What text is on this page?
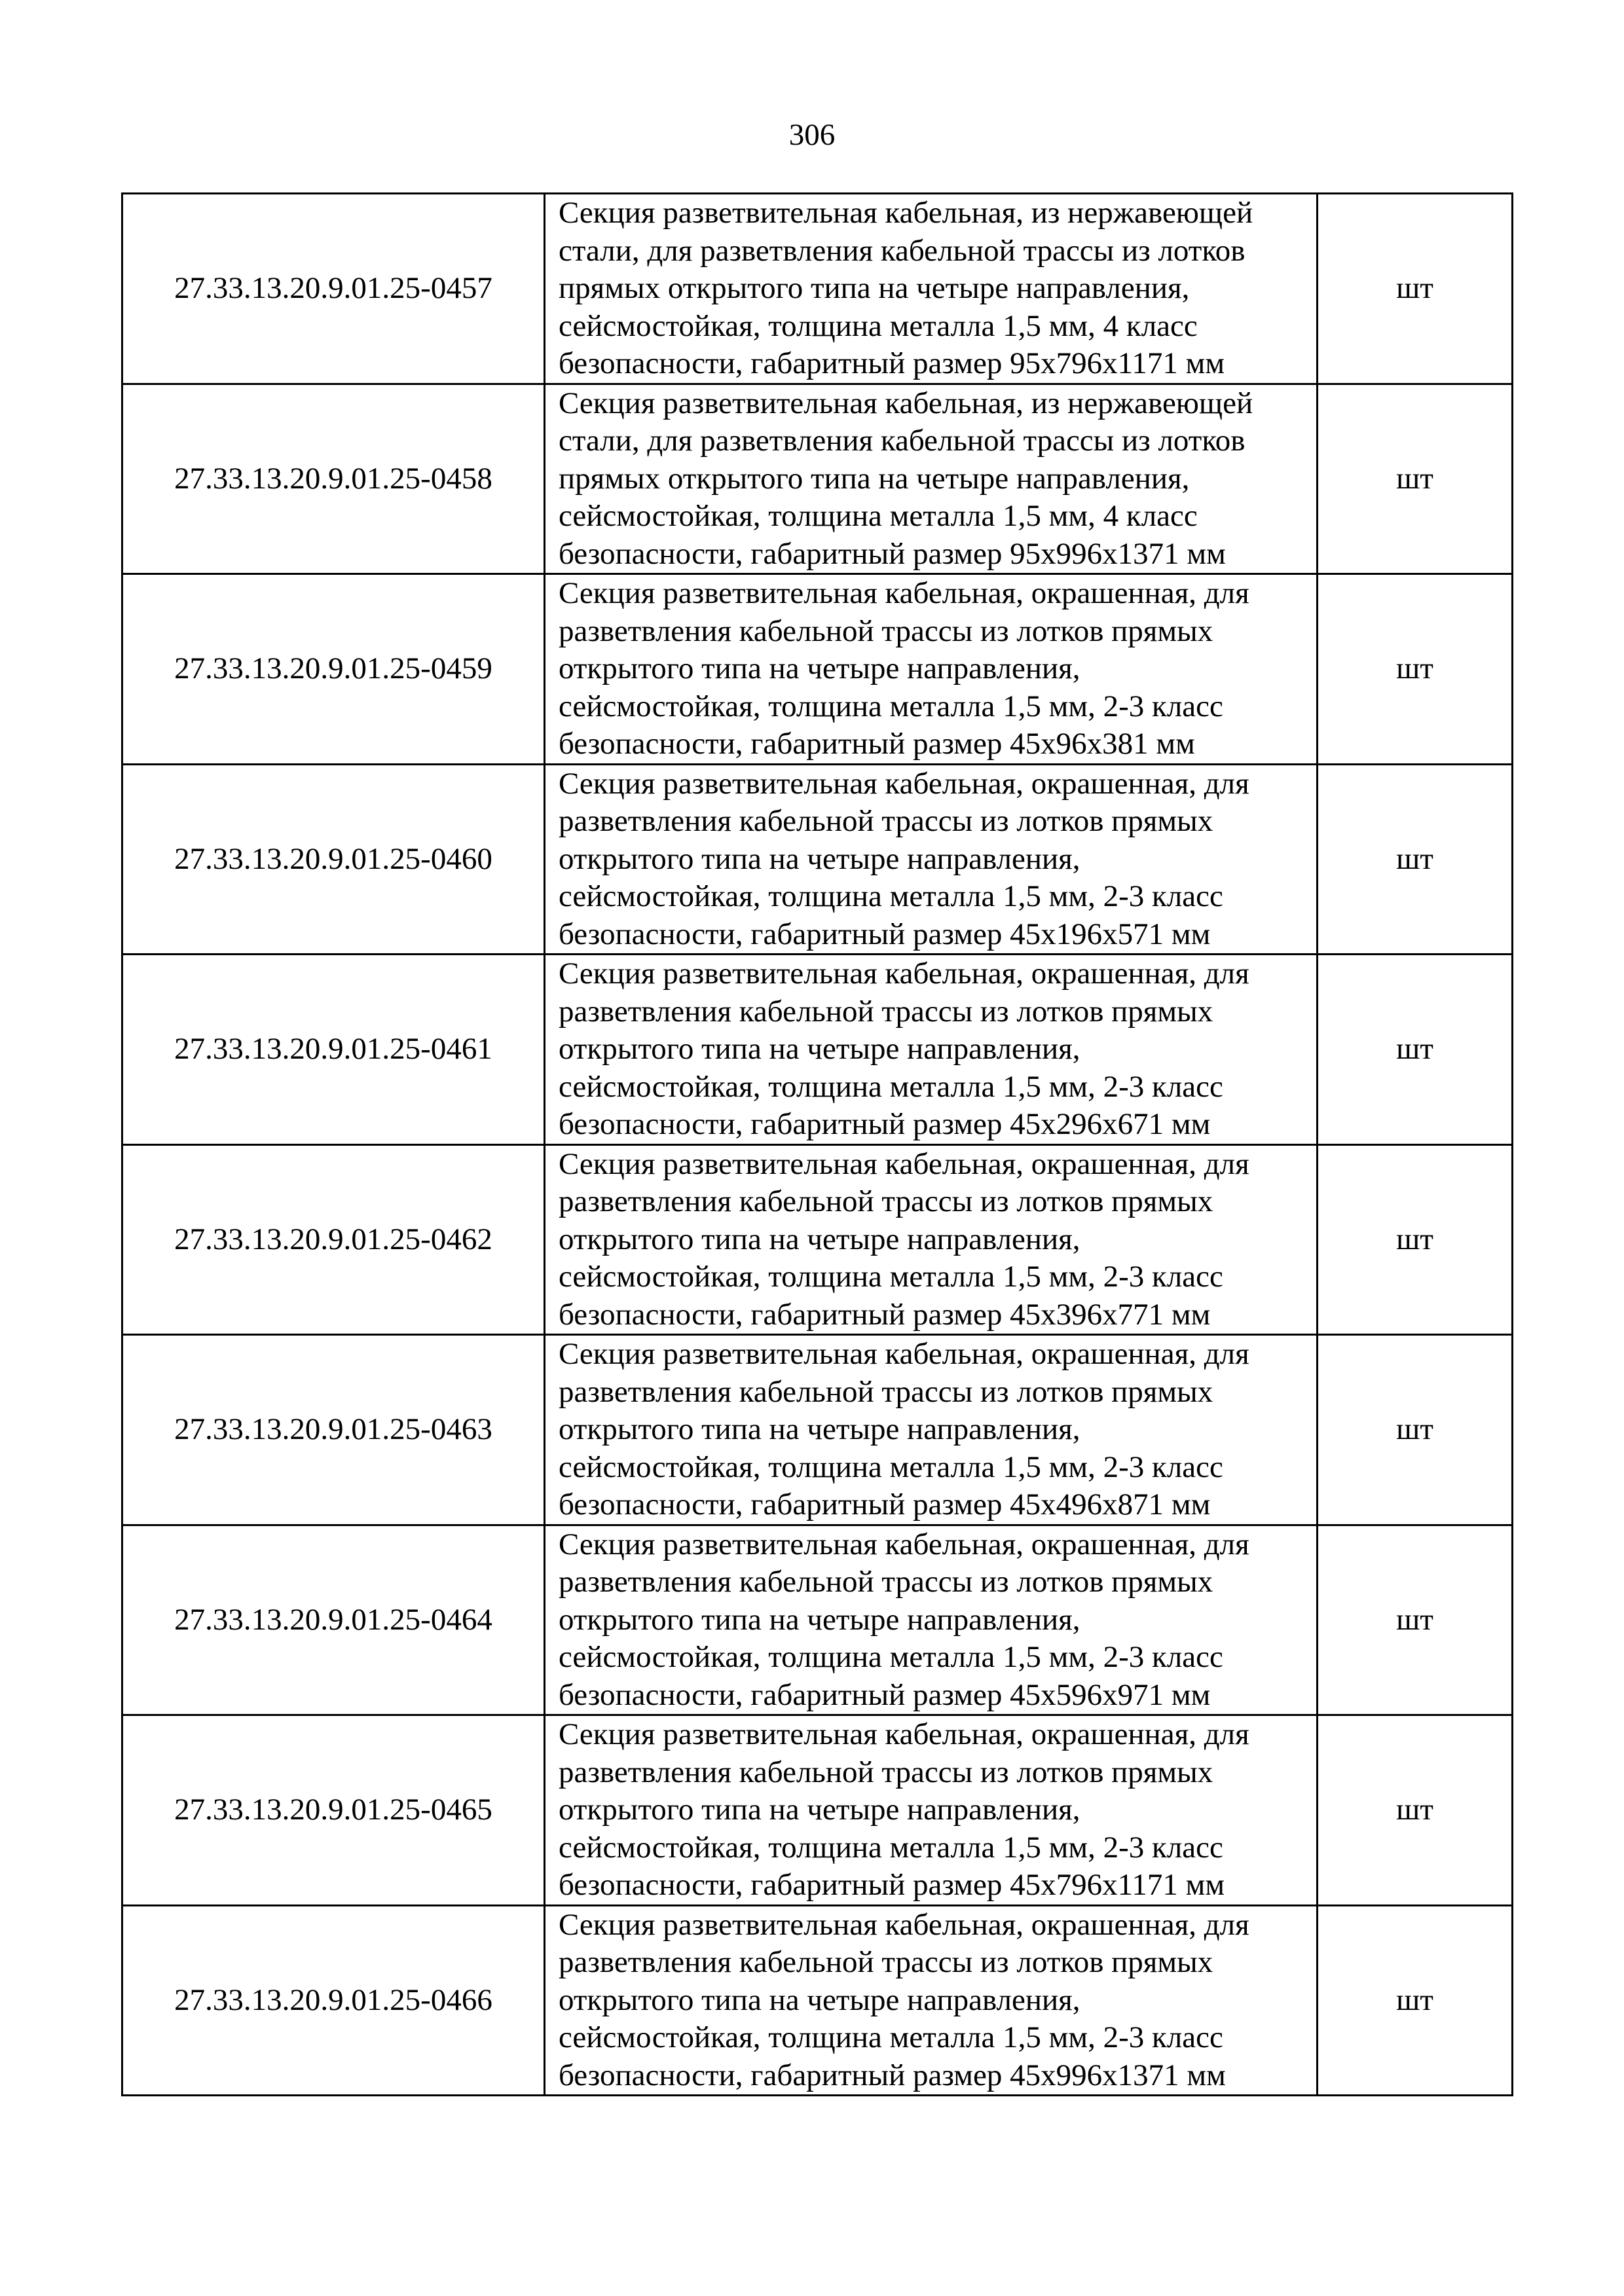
306
27.33.13.20.9.01.25-0457	Секция разветвительная кабельная, из нержавеющей
стали, для разветвления кабельной трассы из лотков
прямых открытого типа на четыре направления,
сейсмостойкая, толщина металла 1,5 мм, 4 класс
безопасности, габаритный размер 95х796х1171 мм	шт
27.33.13.20.9.01.25-0458	Секция разветвительная кабельная, из нержавеющей
стали, для разветвления кабельной трассы из лотков
прямых открытого типа на четыре направления,
сейсмостойкая, толщина металла 1,5 мм, 4 класс
безопасности, габаритный размер 95х996х1371 мм	шт
27.33.13.20.9.01.25-0459	Секция разветвительная кабельная, окрашенная, для
разветвления кабельной трассы из лотков прямых
открытого типа на четыре направления,
сейсмостойкая, толщина металла 1,5 мм, 2-3 класс
безопасности, габаритный размер 45х96х381 мм	шт
27.33.13.20.9.01.25-0460	Секция разветвительная кабельная, окрашенная, для
разветвления кабельной трассы из лотков прямых
открытого типа на четыре направления,
сейсмостойкая, толщина металла 1,5 мм, 2-3 класс
безопасности, габаритный размер 45х196х571 мм	шт
27.33.13.20.9.01.25-0461	Секция разветвительная кабельная, окрашенная, для
разветвления кабельной трассы из лотков прямых
открытого типа на четыре направления,
сейсмостойкая, толщина металла 1,5 мм, 2-3 класс
безопасности, габаритный размер 45х296х671 мм	шт
27.33.13.20.9.01.25-0462	Секция разветвительная кабельная, окрашенная, для
разветвления кабельной трассы из лотков прямых
открытого типа на четыре направления,
сейсмостойкая, толщина металла 1,5 мм, 2-3 класс
безопасности, габаритный размер 45х396х771 мм	шт
27.33.13.20.9.01.25-0463	Секция разветвительная кабельная, окрашенная, для
разветвления кабельной трассы из лотков прямых
открытого типа на четыре направления,
сейсмостойкая, толщина металла 1,5 мм, 2-3 класс
безопасности, габаритный размер 45х496х871 мм	шт
27.33.13.20.9.01.25-0464	Секция разветвительная кабельная, окрашенная, для
разветвления кабельной трассы из лотков прямых
открытого типа на четыре направления,
сейсмостойкая, толщина металла 1,5 мм, 2-3 класс
безопасности, габаритный размер 45х596х971 мм	шт
27.33.13.20.9.01.25-0465	Секция разветвительная кабельная, окрашенная, для
разветвления кабельной трассы из лотков прямых
открытого типа на четыре направления,
сейсмостойкая, толщина металла 1,5 мм, 2-3 класс
безопасности, габаритный размер 45х796х1171 мм	шт
27.33.13.20.9.01.25-0466	Секция разветвительная кабельная, окрашенная, для
разветвления кабельной трассы из лотков прямых
открытого типа на четыре направления,
сейсмостойкая, толщина металла 1,5 мм, 2-3 класс
безопасности, габаритный размер 45х996х1371 мм	шт
